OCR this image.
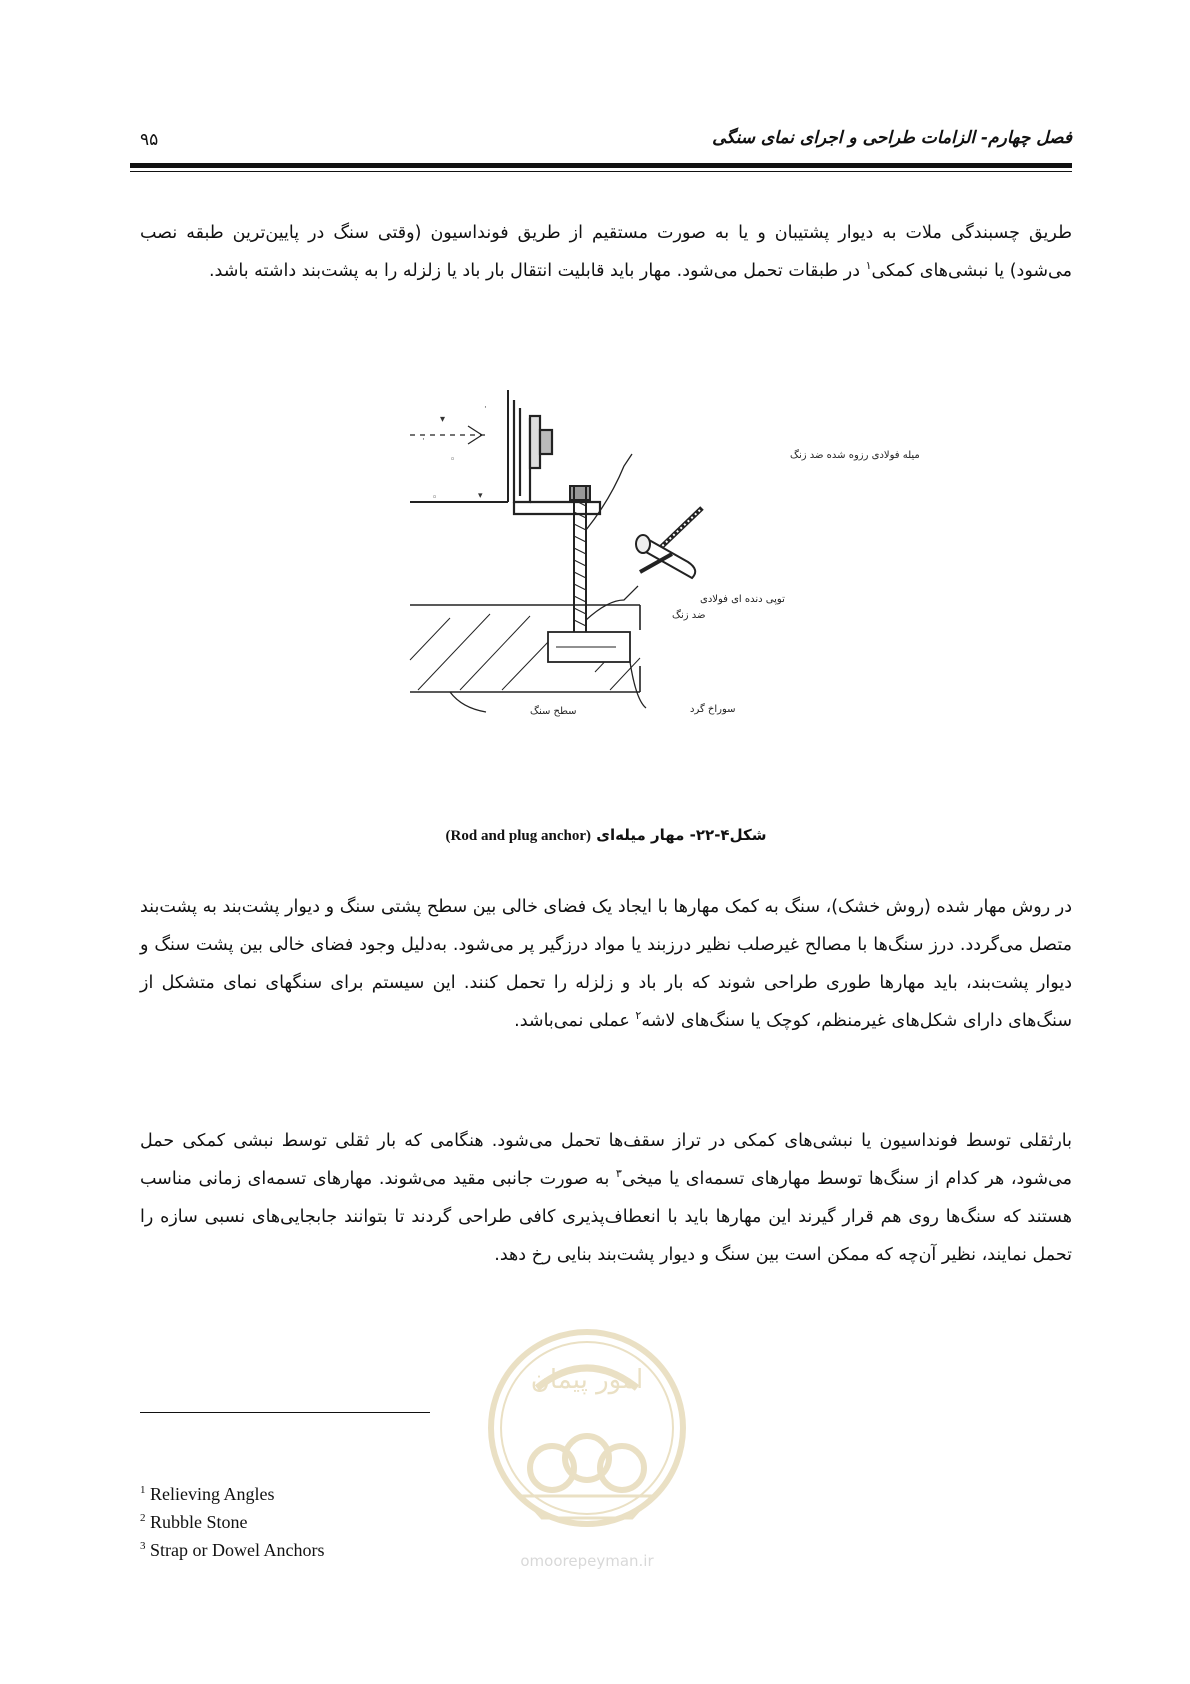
۹۵	فصل چهارم- الزامات طراحی و اجرای نمای سنگی

طریق چسبندگی ملات به دیوار پشتیبان و یا به صورت مستقیم از طریق فونداسیون (وقتی سنگ در پایین‌ترین طبقه نصب می‌شود) یا نبشی‌های کمکی$^۱$ در طبقات تحمل می‌شود. مهار باید قابلیت انتقال بار باد یا زلزله را به پشت‌بند داشته باشد.

▾
·
◦
▾
◦
·
میله فولادی رزوه شده ضد زنگ
توپی دنده ای فولادی
ضد زنگ
سطح سنگ	سوراخ گرد
شکل۴-۲۲- مهار میله‌ای (Rod and plug anchor)

در روش مهار شده (روش خشک)، سنگ به کمک مهارها با ایجاد یک فضای خالی بین سطح پشتی سنگ و دیوار پشت‌بند به پشت‌بند متصل می‌گردد. درز سنگ‌ها با مصالح غیرصلب نظیر درزبند یا مواد درزگیر پر می‌شود. به‌دلیل وجود فضای خالی بین پشت سنگ و دیوار پشت‌بند، باید مهارها طوری طراحی شوند که بار باد و زلزله را تحمل کنند. این سیستم برای سنگهای نمای متشکل از سنگ‌های دارای شکل‌های غیرمنظم، کوچک یا سنگ‌های لاشه$^۲$ عملی نمی‌باشد.

بارثقلی توسط فونداسیون یا نبشی‌های کمکی در تراز سقف‌ها تحمل می‌شود. هنگامی که بار ثقلی توسط نبشی کمکی حمل می‌شود، هر کدام از سنگ‌ها توسط مهارهای تسمه‌ای یا میخی$^۳$ به صورت جانبی مقید می‌شوند. مهارهای تسمه‌ای زمانی مناسب هستند که سنگ‌ها روی هم قرار گیرند این مهارها باید با انعطاف‌پذیری کافی طراحی گردند تا بتوانند جابجایی‌های نسبی سازه را تحمل نمایند، نظیر آن‌چه که ممکن است بین سنگ و دیوار پشت‌بند بنایی رخ دهد.

امور پیمان
omoorepeyman.ir
$^1$ Relieving Angles
$^2$ Rubble Stone
$^3$ Strap or Dowel Anchors
